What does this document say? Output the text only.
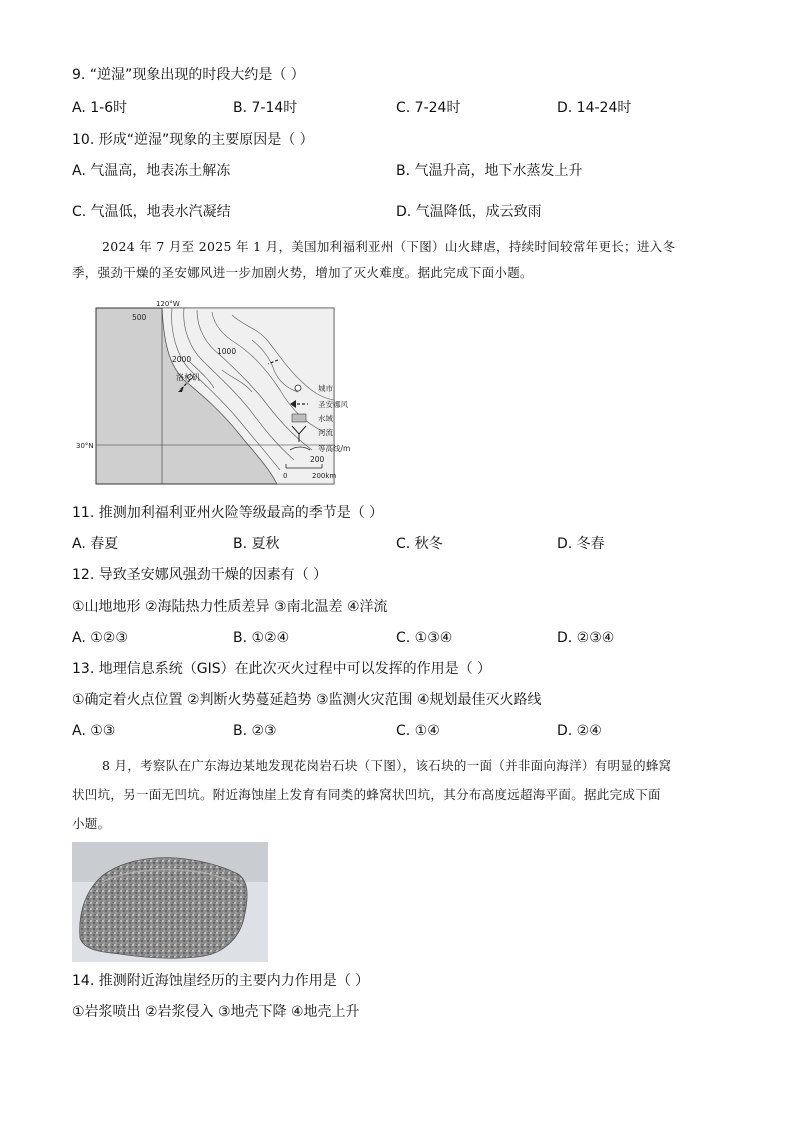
9. “逆湿”现象出现的时段大约是（ ）
A. 1-6时	B. 7-14时	C. 7-24时	D. 14-24时
10. 形成“逆湿”现象的主要原因是（ ）
A. 气温高，地表冻土解冻	B. 气温升高，地下水蒸发上升
C. 气温低，地表水汽凝结	D. 气温降低，成云致雨
2024 年 7 月至 2025 年 1 月，美国加利福利亚州（下图）山火肆虐，持续时间较常年更长；进入冬
季，强劲干燥的圣安娜风进一步加剧火势，增加了灭火难度。据此完成下面小题。
120°W
30°N
500
2000
1000
200
洛杉矶
城市
圣安娜风
水域
河流
等高线/m
0	200km
11. 推测加利福利亚州火险等级最高的季节是（ ）
A. 春夏	B. 夏秋	C. 秋冬	D. 冬春
12. 导致圣安娜风强劲干燥的因素有（ ）
①山地地形 ②海陆热力性质差异 ③南北温差 ④洋流
A. ①②③	B. ①②④	C. ①③④	D. ②③④
13. 地理信息系统（GIS）在此次灭火过程中可以发挥的作用是（ ）
①确定着火点位置 ②判断火势蔓延趋势 ③监测火灾范围 ④规划最佳灭火路线
A. ①③	B. ②③	C. ①④	D. ②④
8 月，考察队在广东海边某地发现花岗岩石块（下图），该石块的一面（并非面向海洋）有明显的蜂窝
状凹坑，另一面无凹坑。附近海蚀崖上发育有同类的蜂窝状凹坑，其分布高度远超海平面。据此完成下面
小题。
14. 推测附近海蚀崖经历的主要内力作用是（ ）
①岩浆喷出 ②岩浆侵入 ③地壳下降 ④地壳上升
